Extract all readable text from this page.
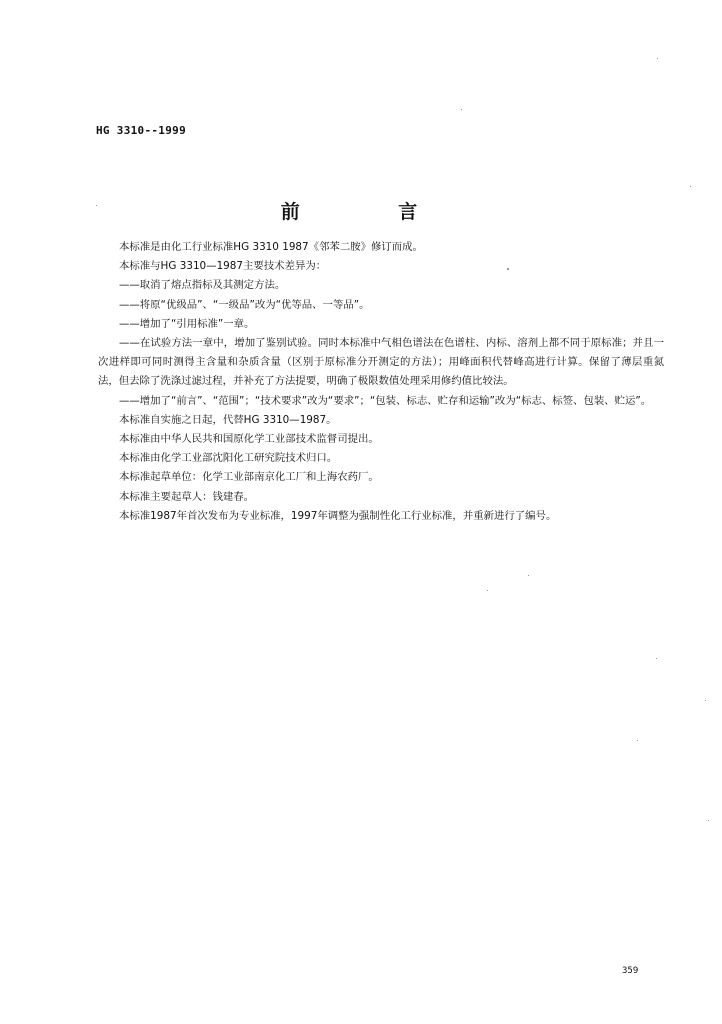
HG 3310--1999
前 言

本标准是由化工行业标准HG 3310 1987《邻苯二胺》修订而成。

本标准与HG 3310—1987主要技术差异为：

——取消了熔点指标及其测定方法。

——将原“优级品”、“一级品”改为“优等品、一等品”。

——增加了“引用标准”一章。

——在试验方法一章中，增加了鉴别试验。同时本标准中气相色谱法在色谱柱、内标、溶剂上都不同于原标准；并且一次进样即可同时测得主含量和杂质含量（区别于原标准分开测定的方法）；用峰面积代替峰高进行计算。保留了薄层重氮法，但去除了洗涤过滤过程，并补充了方法提要，明确了极限数值处理采用修约值比较法。

——增加了“前言”、“范围”；“技术要求”改为“要求”；“包装、标志、贮存和运输”改为“标志、标签、包装、贮运”。

本标准自实施之日起，代替HG 3310—1987。

本标准由中华人民共和国原化学工业部技术监督司提出。

本标准由化学工业部沈阳化工研究院技术归口。

本标准起草单位：化学工业部南京化工厂和上海农药厂。

本标准主要起草人：钱建春。

本标准1987年首次发布为专业标准，1997年调整为强制性化工行业标准，并重新进行了编号。

359
